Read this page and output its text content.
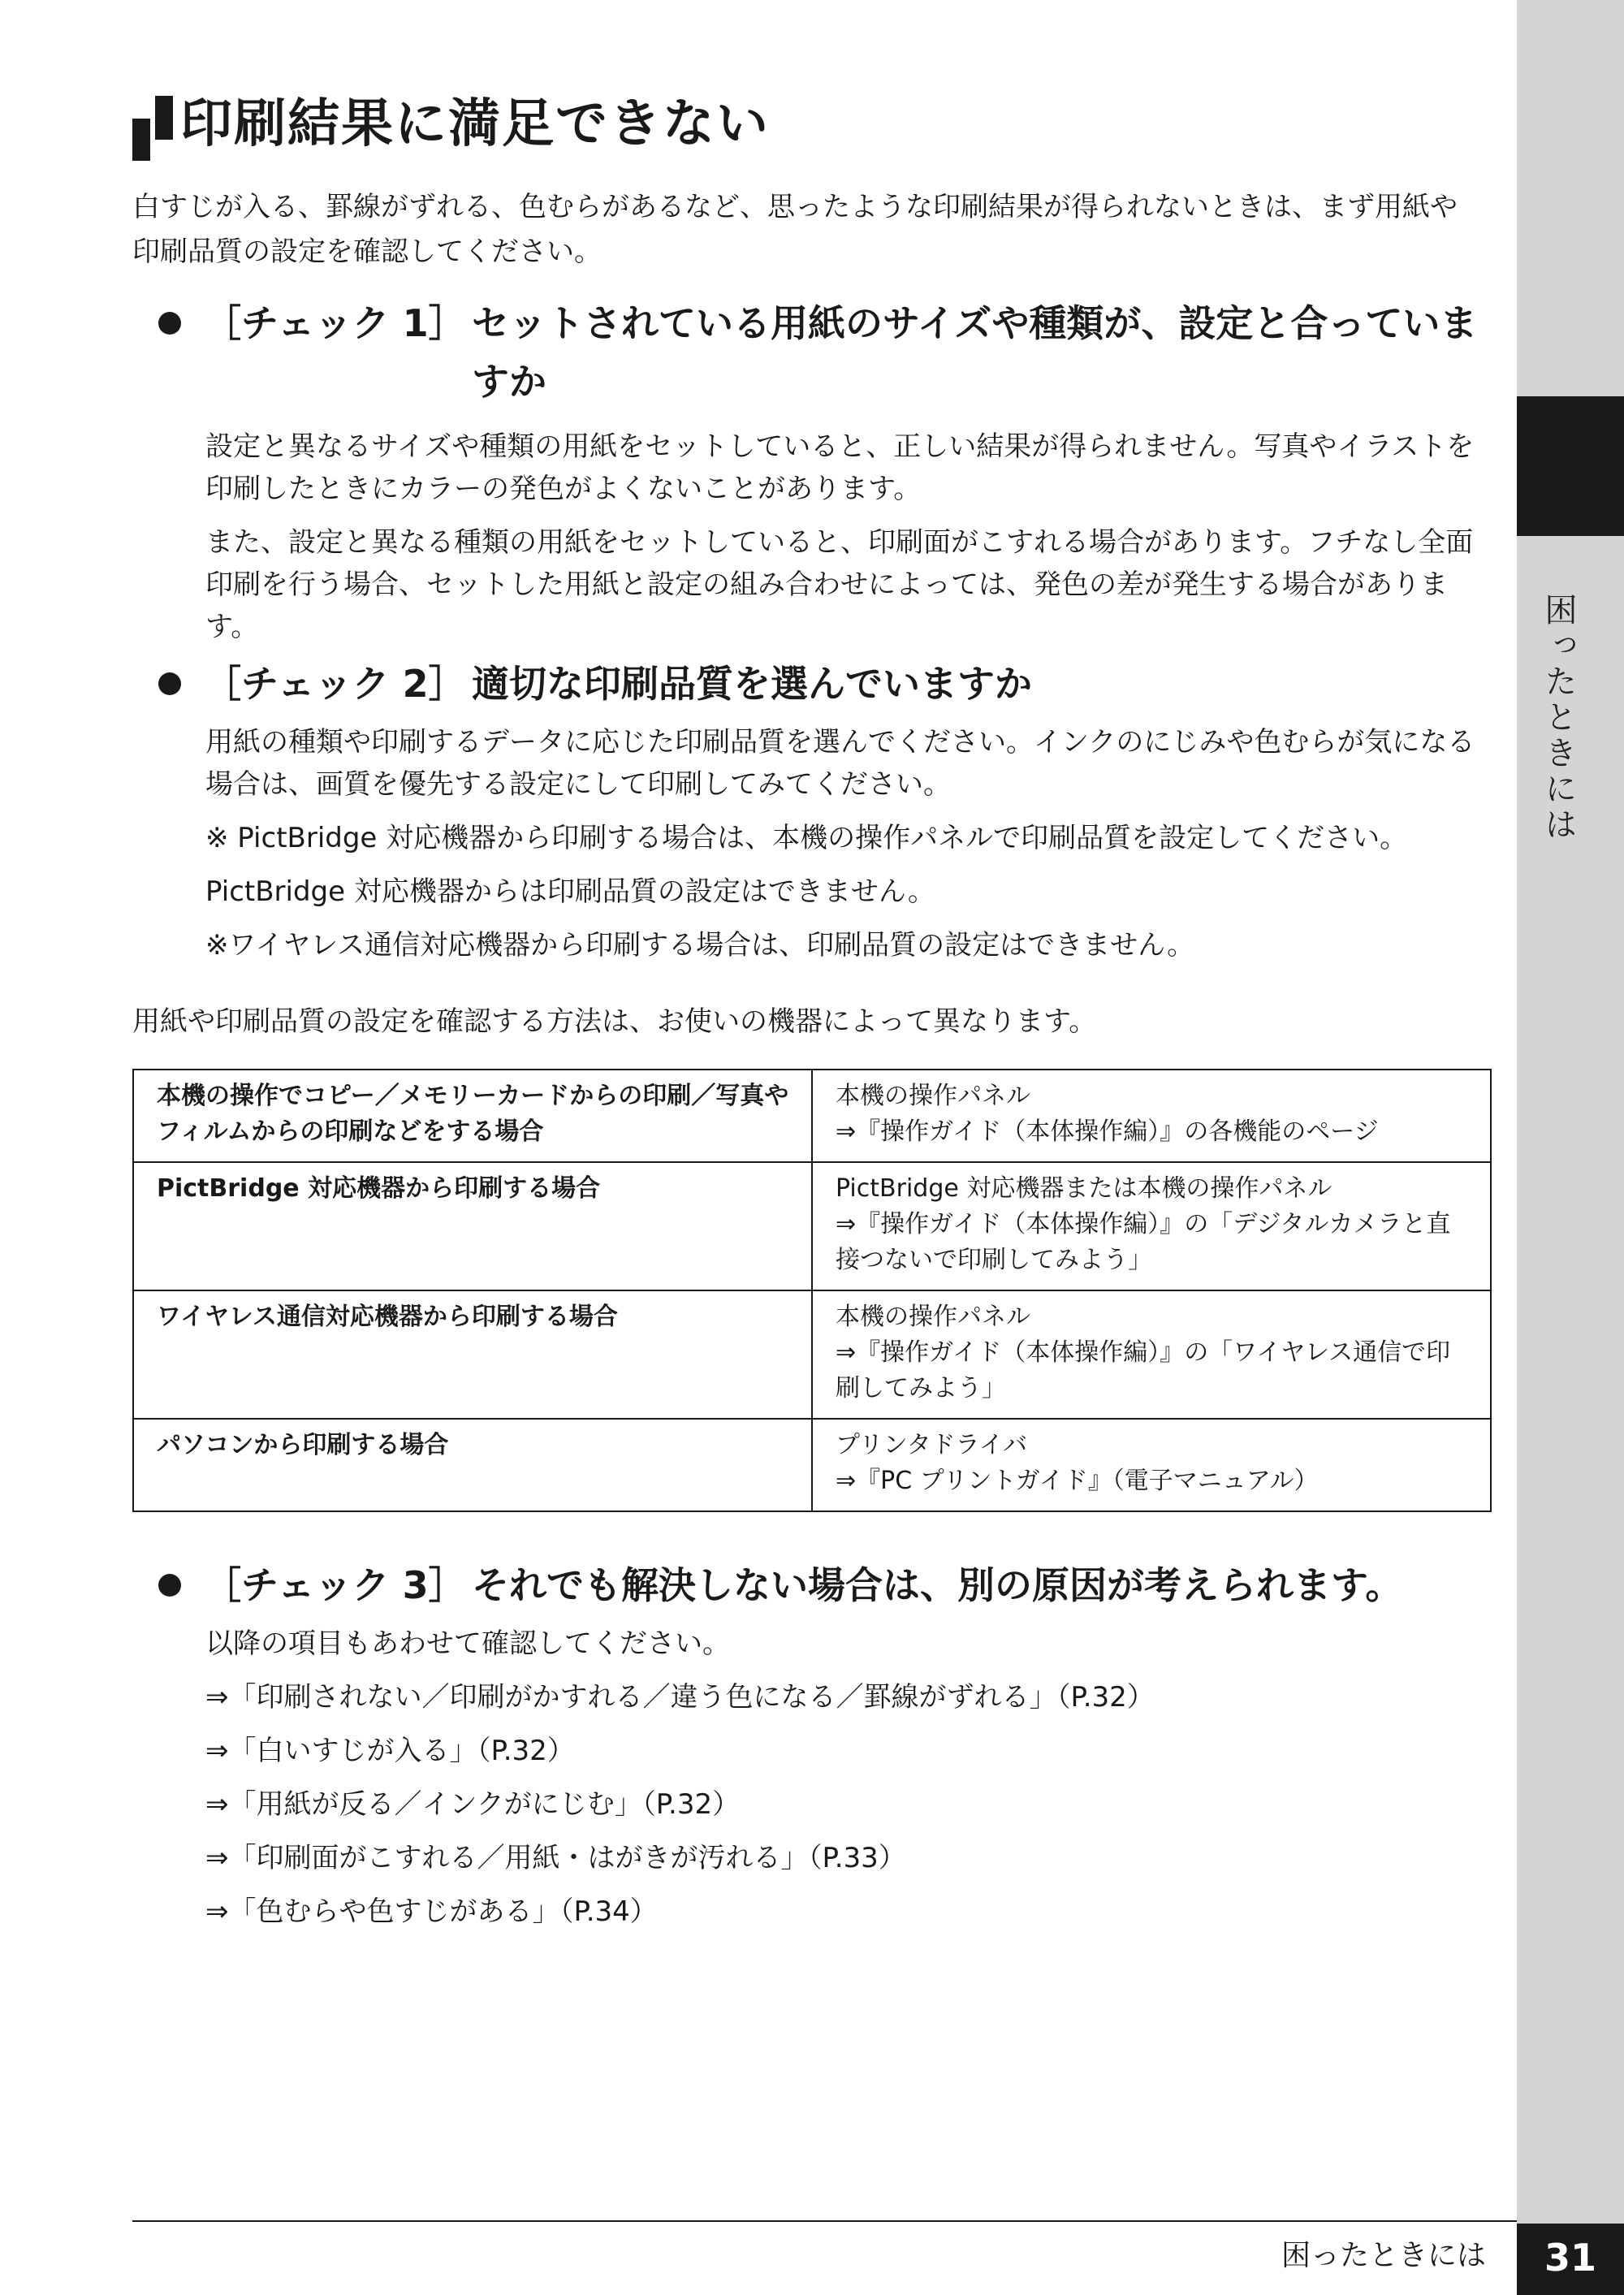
困ったときには
印刷結果に満足できない
白すじが入る、罫線がずれる、色むらがあるなど、思ったような印刷結果が得られないときは、まず用紙や印刷品質の設定を確認してください。
［チェック 1］ セットされている用紙のサイズや種類が、設定と合っていますか

設定と異なるサイズや種類の用紙をセットしていると、正しい結果が得られません。写真やイラストを印刷したときにカラーの発色がよくないことがあります。

また、設定と異なる種類の用紙をセットしていると、印刷面がこすれる場合があります。フチなし全面印刷を行う場合、セットした用紙と設定の組み合わせによっては、発色の差が発生する場合があります。

［チェック 2］ 適切な印刷品質を選んでいますか

用紙の種類や印刷するデータに応じた印刷品質を選んでください。インクのにじみや色むらが気になる場合は、画質を優先する設定にして印刷してみてください。

※ PictBridge 対応機器から印刷する場合は、本機の操作パネルで印刷品質を設定してください。

PictBridge 対応機器からは印刷品質の設定はできません。

※ワイヤレス通信対応機器から印刷する場合は、印刷品質の設定はできません。

用紙や印刷品質の設定を確認する方法は、お使いの機器によって異なります。
本機の操作でコピー／メモリーカードからの印刷／写真やフィルムからの印刷などをする場合	本機の操作パネル
⇒『操作ガイド（本体操作編）』の各機能のページ

PictBridge 対応機器から印刷する場合	PictBridge 対応機器または本機の操作パネル
⇒『操作ガイド（本体操作編）』の「デジタルカメラと直接つないで印刷してみよう」

ワイヤレス通信対応機器から印刷する場合	本機の操作パネル
⇒『操作ガイド（本体操作編）』の「ワイヤレス通信で印刷してみよう」

パソコンから印刷する場合	プリンタドライバ
⇒『PC プリントガイド』（電子マニュアル）
［チェック 3］ それでも解決しない場合は、別の原因が考えられます。

以降の項目もあわせて確認してください。

⇒「印刷されない／印刷がかすれる／違う色になる／罫線がずれる」（P.32）

⇒「白いすじが入る」（P.32）

⇒「用紙が反る／インクがにじむ」（P.32）

⇒「印刷面がこすれる／用紙・はがきが汚れる」（P.33）

⇒「色むらや色すじがある」（P.34）

困ったときには	31
